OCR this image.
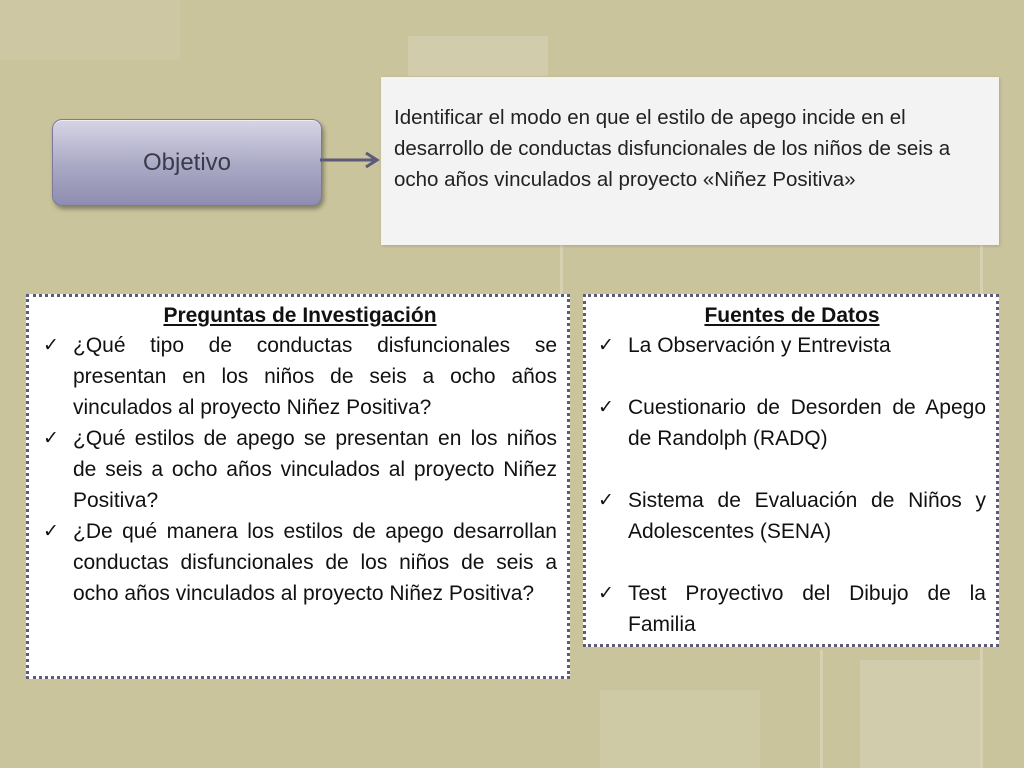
Objetivo
Identificar el modo en que el estilo de apego incide en el desarrollo de conductas disfuncionales de los niños de seis a ocho años vinculados al proyecto «Niñez Positiva»
Preguntas de Investigación
✓ ¿Qué tipo de conductas disfuncionales se presentan en los niños de seis a ocho años vinculados al proyecto Niñez Positiva?
✓ ¿Qué estilos de apego se presentan en los niños de seis a ocho años vinculados al proyecto Niñez Positiva?
✓ ¿De qué manera los estilos de apego desarrollan conductas disfuncionales de los niños de seis a ocho años vinculados al proyecto Niñez Positiva?
Fuentes de Datos
✓ La Observación y Entrevista
✓ Cuestionario de Desorden de Apego de Randolph (RADQ)
✓ Sistema de Evaluación de Niños y Adolescentes (SENA)
✓ Test Proyectivo del Dibujo de la Familia
